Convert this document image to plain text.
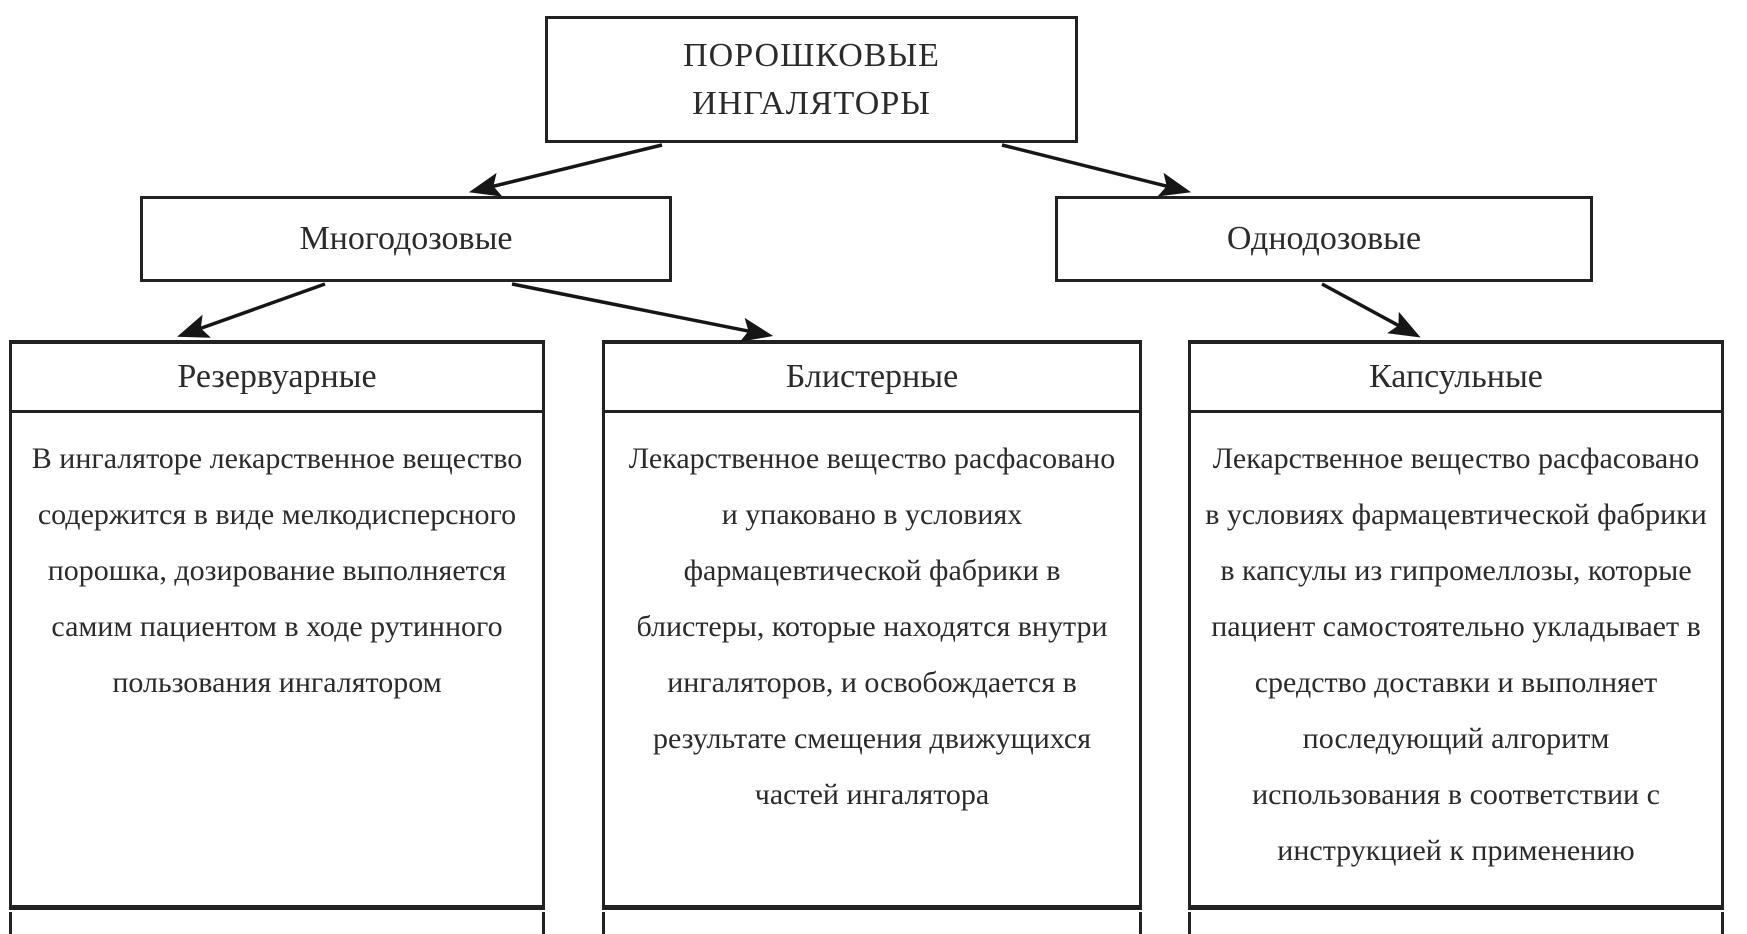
ПОРОШКОВЫЕ
ИНГАЛЯТОРЫ
Многодозовые	Однодозовые
Резервуарные
В ингаляторе лекарственное вещество содержится в виде мелкодисперсного порошка, дозирование выполняется самим пациентом в ходе рутинного пользования ингалятором
Блистерные
Лекарственное вещество расфасовано и упаковано в условиях фармацевтической фабрики в блистеры, которые находятся внутри ингаляторов, и освобождается в результате смещения движущихся частей ингалятора
Капсульные
Лекарственное вещество расфасовано в условиях фармацевтической фабрики в капсулы из гипромеллозы, которые пациент самостоятельно укладывает в средство доставки и выполняет последующий алгоритм использования в соответствии с инструкцией к применению
